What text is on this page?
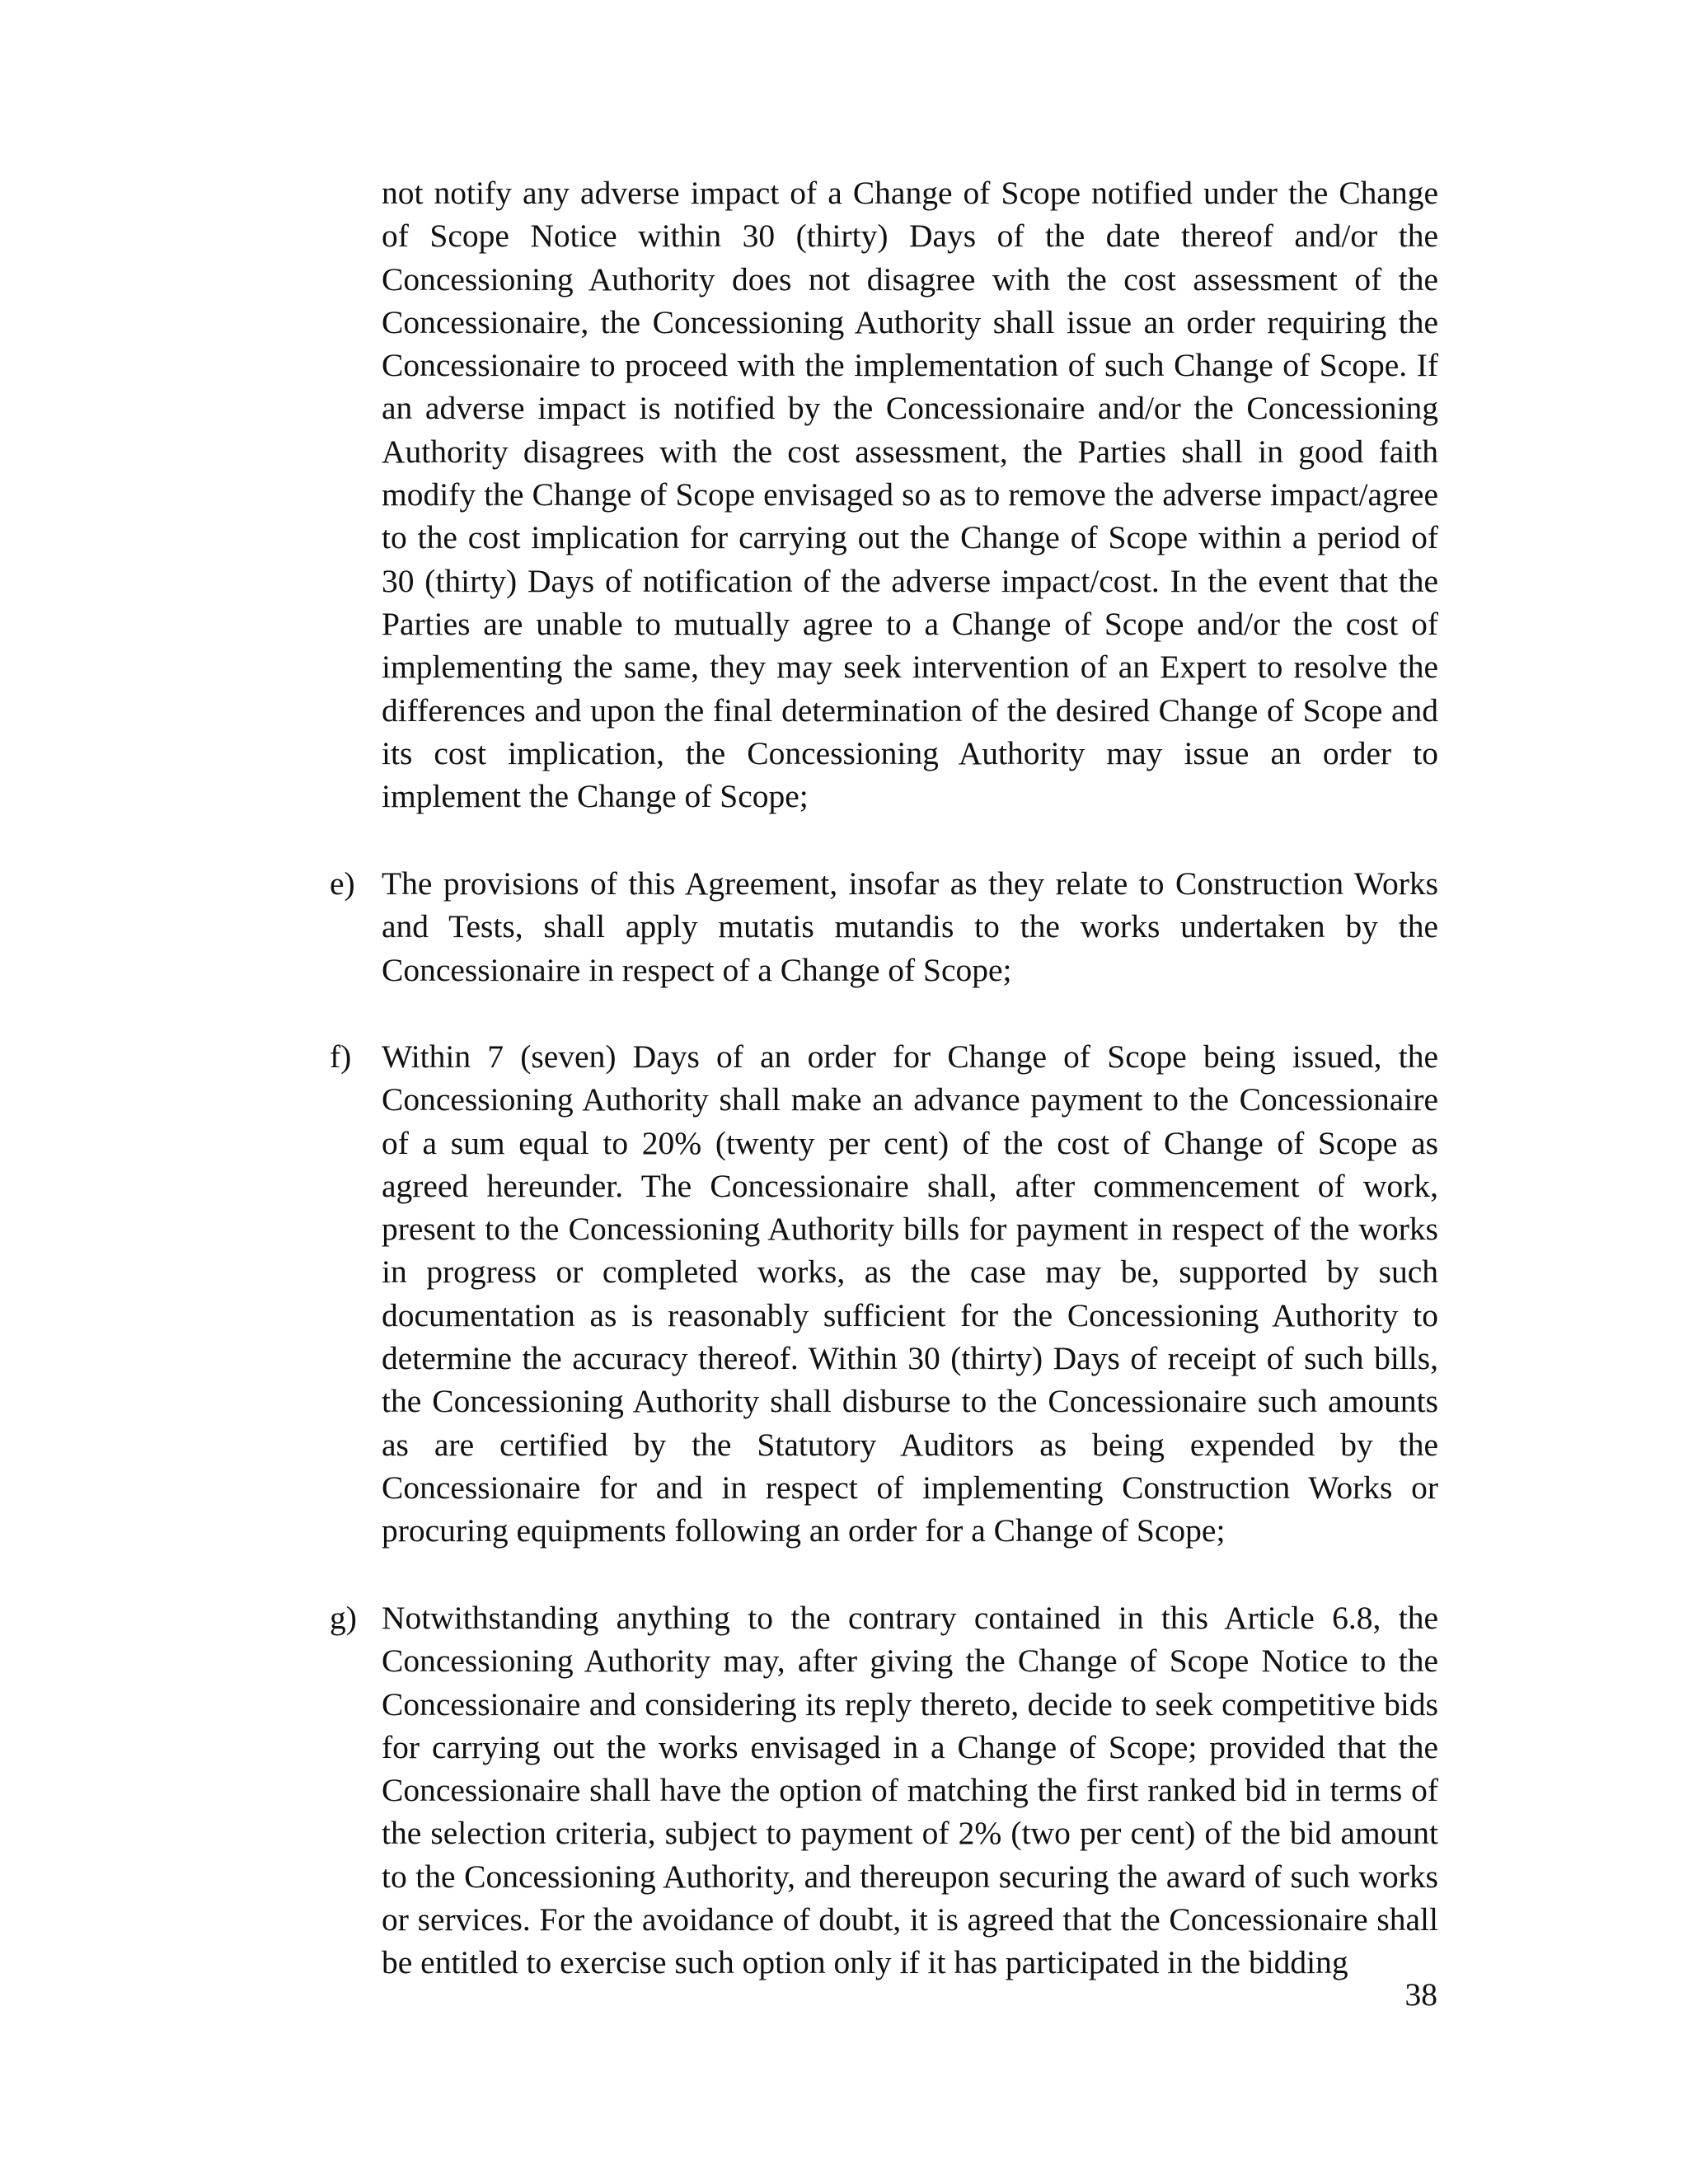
not notify any adverse impact of a Change of Scope notified under the Change of Scope Notice within 30 (thirty) Days of the date thereof and/or the Concessioning Authority does not disagree with the cost assessment of the Concessionaire, the Concessioning Authority shall issue an order requiring the Concessionaire to proceed with the implementation of such Change of Scope. If an adverse impact is notified by the Concessionaire and/or the Concessioning Authority disagrees with the cost assessment, the Parties shall in good faith modify the Change of Scope envisaged so as to remove the adverse impact/agree to the cost implication for carrying out the Change of Scope within a period of 30 (thirty) Days of notification of the adverse impact/cost. In the event that the Parties are unable to mutually agree to a Change of Scope and/or the cost of implementing the same, they may seek intervention of an Expert to resolve the differences and upon the final determination of the desired Change of Scope and its cost implication, the Concessioning Authority may issue an order to implement the Change of Scope;

e) The provisions of this Agreement, insofar as they relate to Construction Works and Tests, shall apply mutatis mutandis to the works undertaken by the Concessionaire in respect of a Change of Scope;

f) Within 7 (seven) Days of an order for Change of Scope being issued, the Concessioning Authority shall make an advance payment to the Concessionaire of a sum equal to 20% (twenty per cent) of the cost of Change of Scope as agreed hereunder. The Concessionaire shall, after commencement of work, present to the Concessioning Authority bills for payment in respect of the works in progress or completed works, as the case may be, supported by such documentation as is reasonably sufficient for the Concessioning Authority to determine the accuracy thereof. Within 30 (thirty) Days of receipt of such bills, the Concessioning Authority shall disburse to the Concessionaire such amounts as are certified by the Statutory Auditors as being expended by the Concessionaire for and in respect of implementing Construction Works or procuring equipments following an order for a Change of Scope;

g) Notwithstanding anything to the contrary contained in this Article 6.8, the Concessioning Authority may, after giving the Change of Scope Notice to the Concessionaire and considering its reply thereto, decide to seek competitive bids for carrying out the works envisaged in a Change of Scope; provided that the Concessionaire shall have the option of matching the first ranked bid in terms of the selection criteria, subject to payment of 2% (two per cent) of the bid amount to the Concessioning Authority, and thereupon securing the award of such works or services. For the avoidance of doubt, it is agreed that the Concessionaire shall be entitled to exercise such option only if it has participated in the bidding

38
